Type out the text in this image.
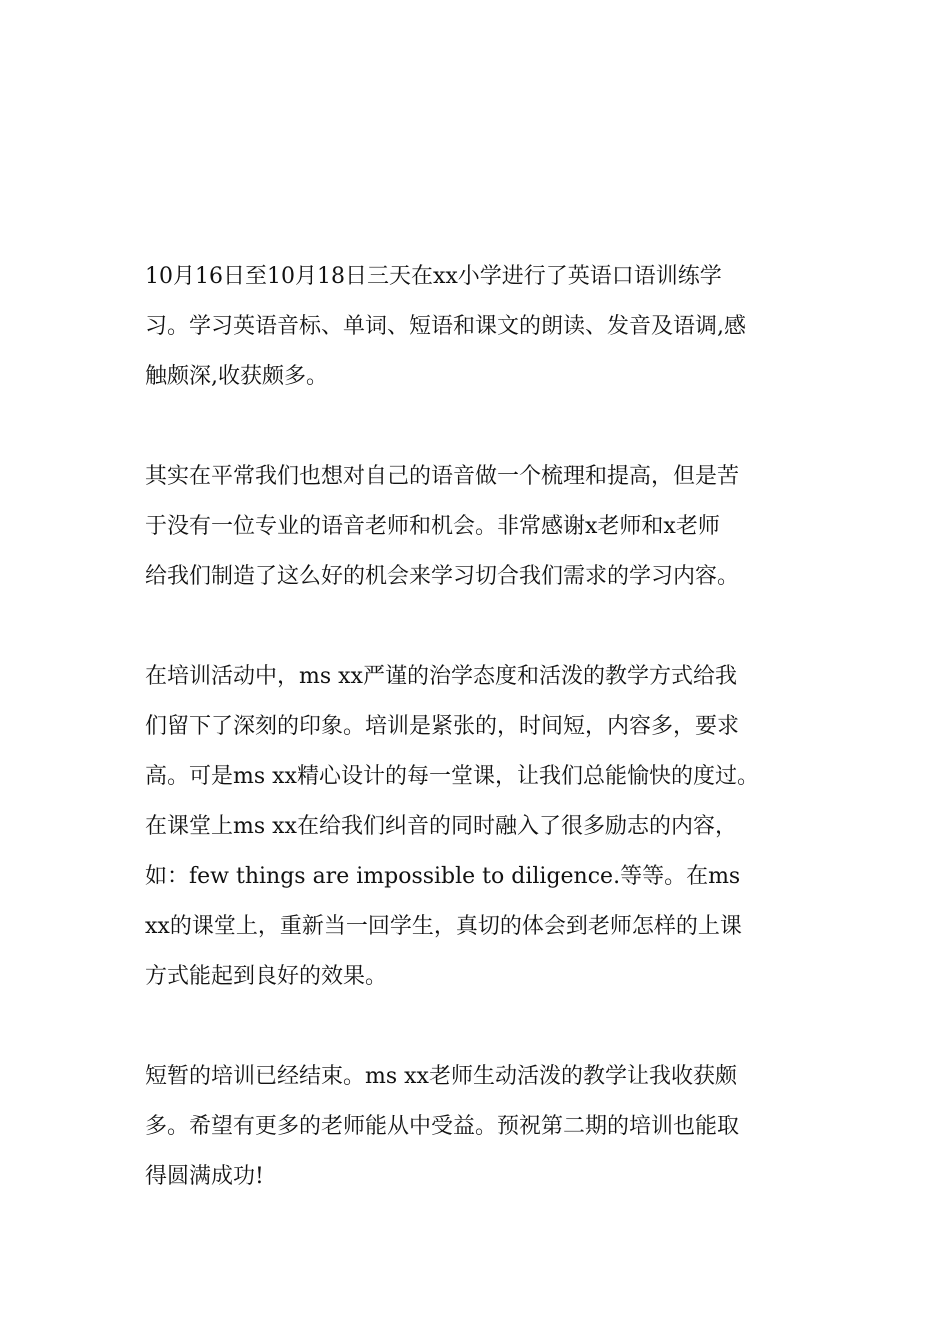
10月16日至10月18日三天在xx小学进行了英语口语训练学
习。学习英语音标、单词、短语和课文的朗读、发音及语调,感
触颇深,收获颇多。

其实在平常我们也想对自己的语音做一个梳理和提高，但是苦
于没有一位专业的语音老师和机会。非常感谢x老师和x老师
给我们制造了这么好的机会来学习切合我们需求的学习内容。

在培训活动中，ms xx严谨的治学态度和活泼的教学方式给我
们留下了深刻的印象。培训是紧张的，时间短，内容多，要求
高。可是ms xx精心设计的每一堂课，让我们总能愉快的度过。
在课堂上ms xx在给我们纠音的同时融入了很多励志的内容，
如：few things are impossible to diligence.等等。在ms
xx的课堂上，重新当一回学生，真切的体会到老师怎样的上课
方式能起到良好的效果。

短暂的培训已经结束。ms xx老师生动活泼的教学让我收获颇
多。希望有更多的老师能从中受益。预祝第二期的培训也能取
得圆满成功!
